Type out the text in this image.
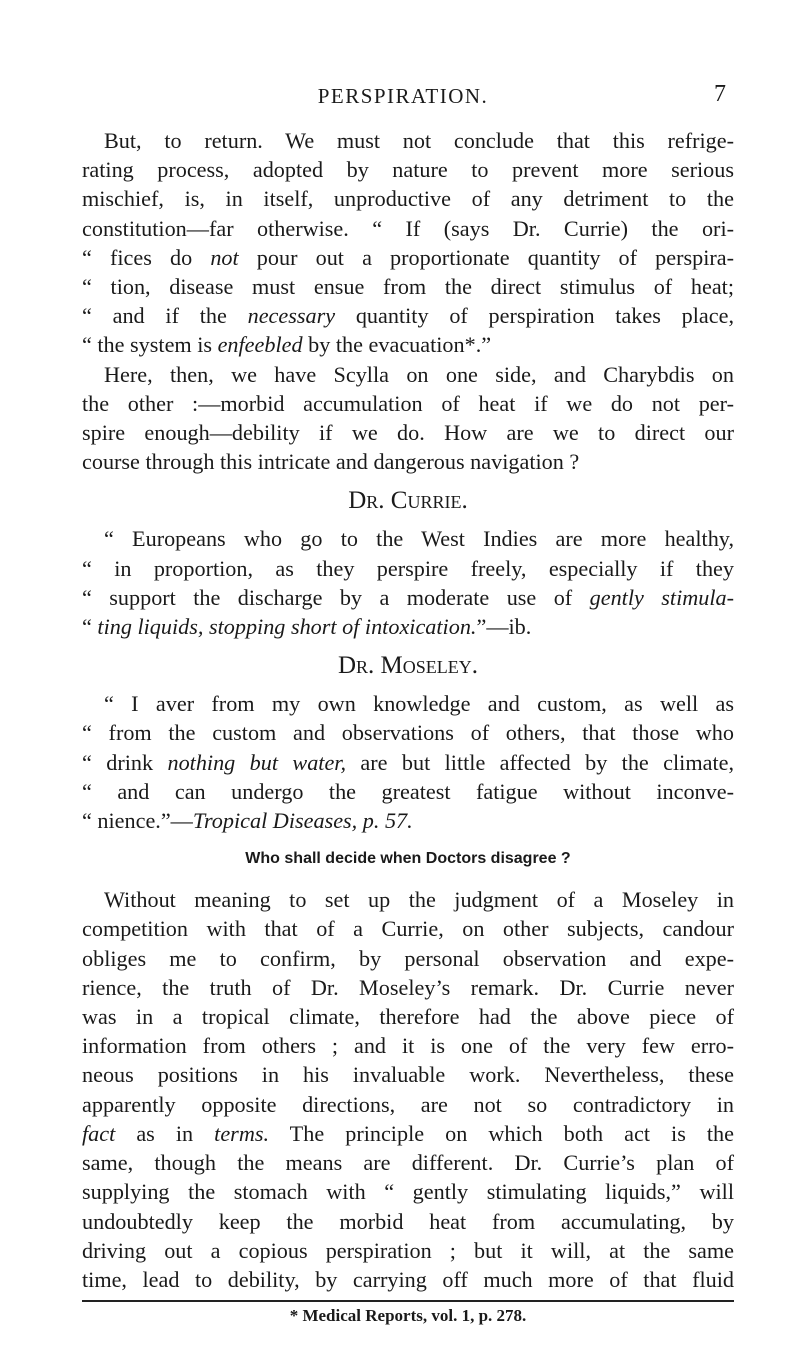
PERSPIRATION.	7
But, to return. We must not conclude that this refrige-
rating process, adopted by nature to prevent more serious
mischief, is, in itself, unproductive of any detriment to the
constitution—far otherwise. “ If (says Dr. Currie) the ori-
“ fices do not pour out a proportionate quantity of perspira-
“ tion, disease must ensue from the direct stimulus of heat;
“ and if the necessary quantity of perspiration takes place,
“ the system is enfeebled by the evacuation*.”
Here, then, we have Scylla on one side, and Charybdis on
the other :—morbid accumulation of heat if we do not per-
spire enough—debility if we do. How are we to direct our
course through this intricate and dangerous navigation ?
Dr. Currie.
“ Europeans who go to the West Indies are more healthy,
“ in proportion, as they perspire freely, especially if they
“ support the discharge by a moderate use of gently stimula-
“ ting liquids, stopping short of intoxication.”—ib.
Dr. Moseley.
“ I aver from my own knowledge and custom, as well as
“ from the custom and observations of others, that those who
“ drink nothing but water, are but little affected by the climate,
“ and can undergo the greatest fatigue without inconve-
“ nience.”—Tropical Diseases, p. 57.
Who shall decide when Doctors disagree ?
Without meaning to set up the judgment of a Moseley in
competition with that of a Currie, on other subjects, candour
obliges me to confirm, by personal observation and expe-
rience, the truth of Dr. Moseley’s remark. Dr. Currie never
was in a tropical climate, therefore had the above piece of
information from others ; and it is one of the very few erro-
neous positions in his invaluable work. Nevertheless, these
apparently opposite directions, are not so contradictory in
fact as in terms. The principle on which both act is the
same, though the means are different. Dr. Currie’s plan of
supplying the stomach with “ gently stimulating liquids,” will
undoubtedly keep the morbid heat from accumulating, by
driving out a copious perspiration ; but it will, at the same
time, lead to debility, by carrying off much more of that fluid
* Medical Reports, vol. 1, p. 278.
